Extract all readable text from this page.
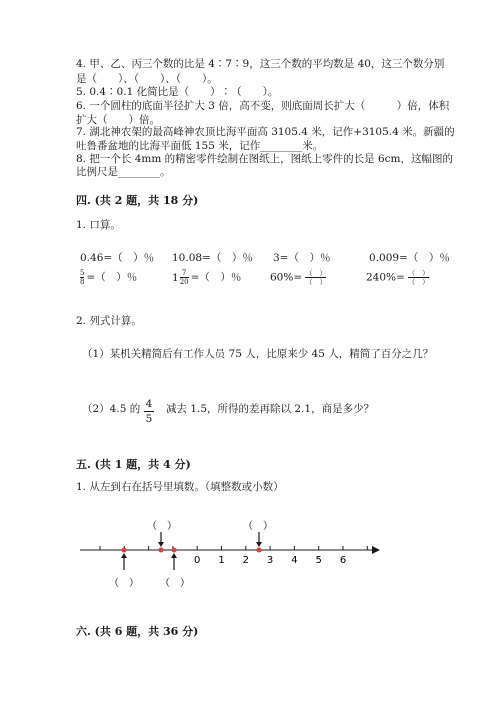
4. 甲、乙、丙三个数的比是 4∶7∶9，这三个数的平均数是 40，这三个数分别
是（　　）、（　　）、（　　）。
5. 0.4∶0.1 化简比是（　　）∶（　　）。
6. 一个圆柱的底面半径扩大 3 倍，高不变，则底面周长扩大（　　　）倍，体积
扩大（　　）倍。
7. 湖北神农架的最高峰神农顶比海平面高 3105.4 米，记作+3105.4 米。新疆的
吐鲁番盆地的比海平面低 155 米，记作________米。
8. 把一个长 4mm 的精密零件绘制在图纸上，图纸上零件的长是 6cm，这幅图的
比例尺是________。
四. (共 2 题，共 18 分)
1. 口算。
0.46=（　）％ 10.08=（　）％ 3=（　）％	0.009=（　）％
$\frac{5}{8}$ =（　）％	$1 \frac{7}{20}$ =（　）％	$60\%= \frac{( )}{( )}$	$240\%= \frac{( )}{( )}$
2. 列式计算。
（1）某机关精简后有工作人员 75 人，比原来少 45 人，精简了百分之几？
（2）4.5 的 4
5
减去 1.5，所得的差再除以 2.1，商是多少？
五. (共 1 题，共 4 分)
1. 从左到右在括号里填数。（填整数或小数）
0 1 2 3 4 5 6
（　）	（　）
（　） （　）
六. (共 6 题，共 36 分)
